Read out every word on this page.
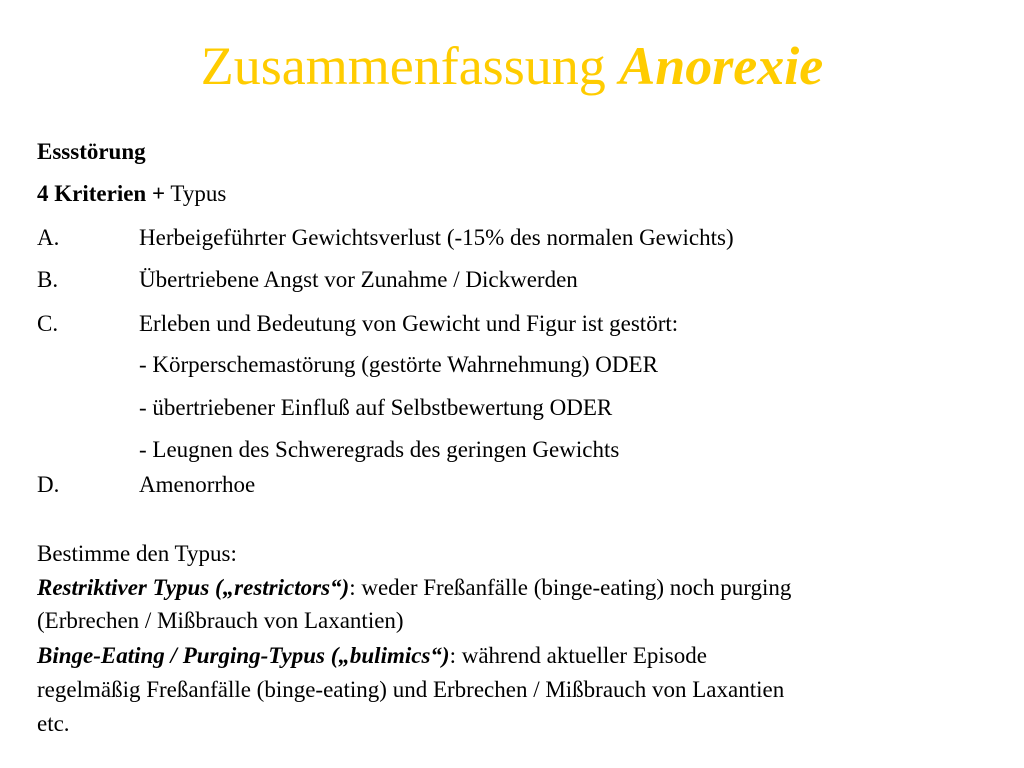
Zusammenfassung Anorexie
Essstörung
4 Kriterien + Typus
A.	Herbeigeführter Gewichtsverlust (-15% des normalen Gewichts)
B.	Übertriebene Angst vor Zunahme / Dickwerden
C.	Erleben und Bedeutung von Gewicht und Figur ist gestört:
- Körperschemastörung (gestörte Wahrnehmung) ODER
- übertriebener Einfluß auf Selbstbewertung ODER
- Leugnen des Schweregrads des geringen Gewichts
D.	Amenorrhoe
Bestimme den Typus:
Restriktiver Typus („restrictors“): weder Freßanfälle (binge-eating) noch purging
(Erbrechen / Mißbrauch von Laxantien)
Binge-Eating / Purging-Typus („bulimics“): während aktueller Episode
regelmäßig Freßanfälle (binge-eating) und Erbrechen / Mißbrauch von Laxantien
etc.
